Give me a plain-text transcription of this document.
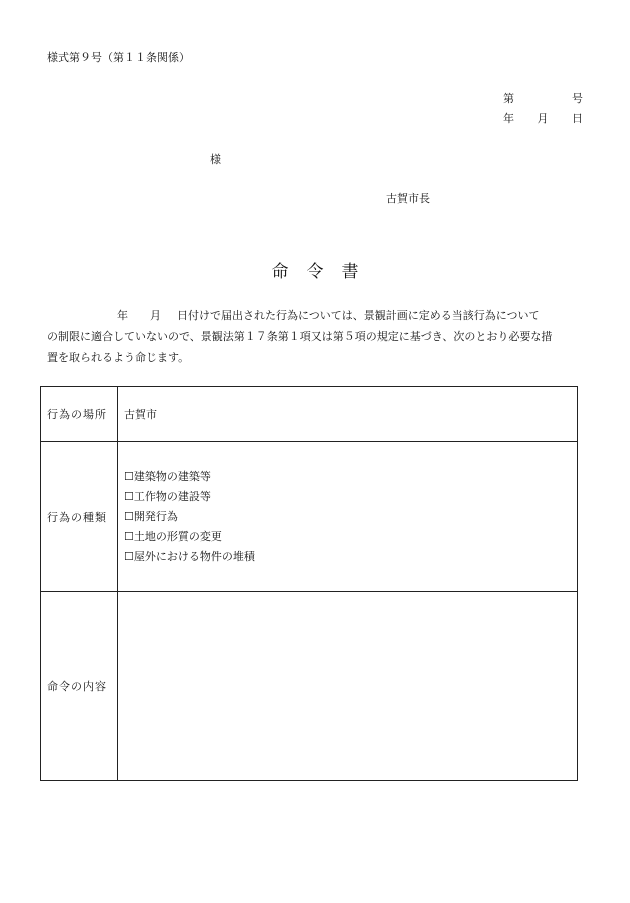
様式第９号（第１１条関係）
第	号
年 月 日
様
古賀市長
命令書
年 月 日付けで届出された行為については、景観計画に定める当該行為について
の制限に適合していないので、景観法第１７条第１項又は第５項の規定に基づき、次のとおり必要な措
置を取られるよう命じます。
行為の場所	古賀市
行為の種類	☐建築物の建築等
☐工作物の建設等
☐開発行為
☐土地の形質の変更
☐屋外における物件の堆積

命令の内容	
